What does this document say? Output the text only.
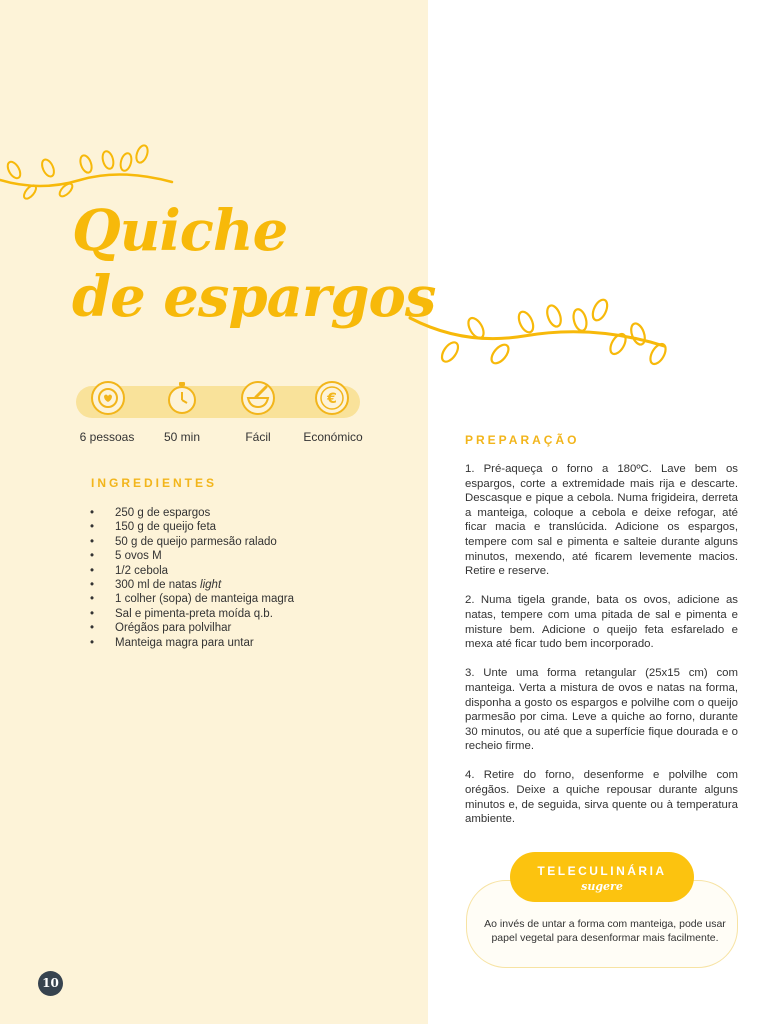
Quiche
de espargos
€
6 pessoas	50 min	Fácil	Económico
INGREDIENTES
• 250 g de espargos
• 150 g de queijo feta
• 50 g de queijo parmesão ralado
• 5 ovos M
• 1/2 cebola
• 300 ml de natas light
• 1 colher (sopa) de manteiga magra
• Sal e pimenta-preta moída q.b.
• Orégãos para polvilhar
• Manteiga magra para untar
PREPARAÇÃO

1. Pré-aqueça o forno a 180ºC. Lave bem os espargos, corte a extremidade mais rija e descarte. Descasque e pique a cebola. Numa frigideira, derreta a manteiga, coloque a cebola e deixe refogar, até ficar macia e translúcida. Adicione os espargos, tempere com sal e pimenta e salteie durante alguns minutos, mexendo, até ficarem levemente macios. Retire e reserve.

2. Numa tigela grande, bata os ovos, adicione as natas, tempere com uma pitada de sal e pimenta e misture bem. Adicione o queijo feta esfarelado e mexa até ficar tudo bem incorporado.

3. Unte uma forma retangular (25x15 cm) com manteiga. Verta a mistura de ovos e natas na forma, disponha a gosto os espargos e polvilhe com o queijo parmesão por cima. Leve a quiche ao forno, durante 30 minutos, ou até que a superfície fique dourada e o recheio firme.

4. Retire do forno, desenforme e polvilhe com orégãos. Deixe a quiche repousar durante alguns minutos e, de seguida, sirva quente ou à temperatura ambiente.

Ao invés de untar a forma com manteiga, pode usar papel vegetal para desenformar mais facilmente.
TELECULINÁRIA
sugere
10
